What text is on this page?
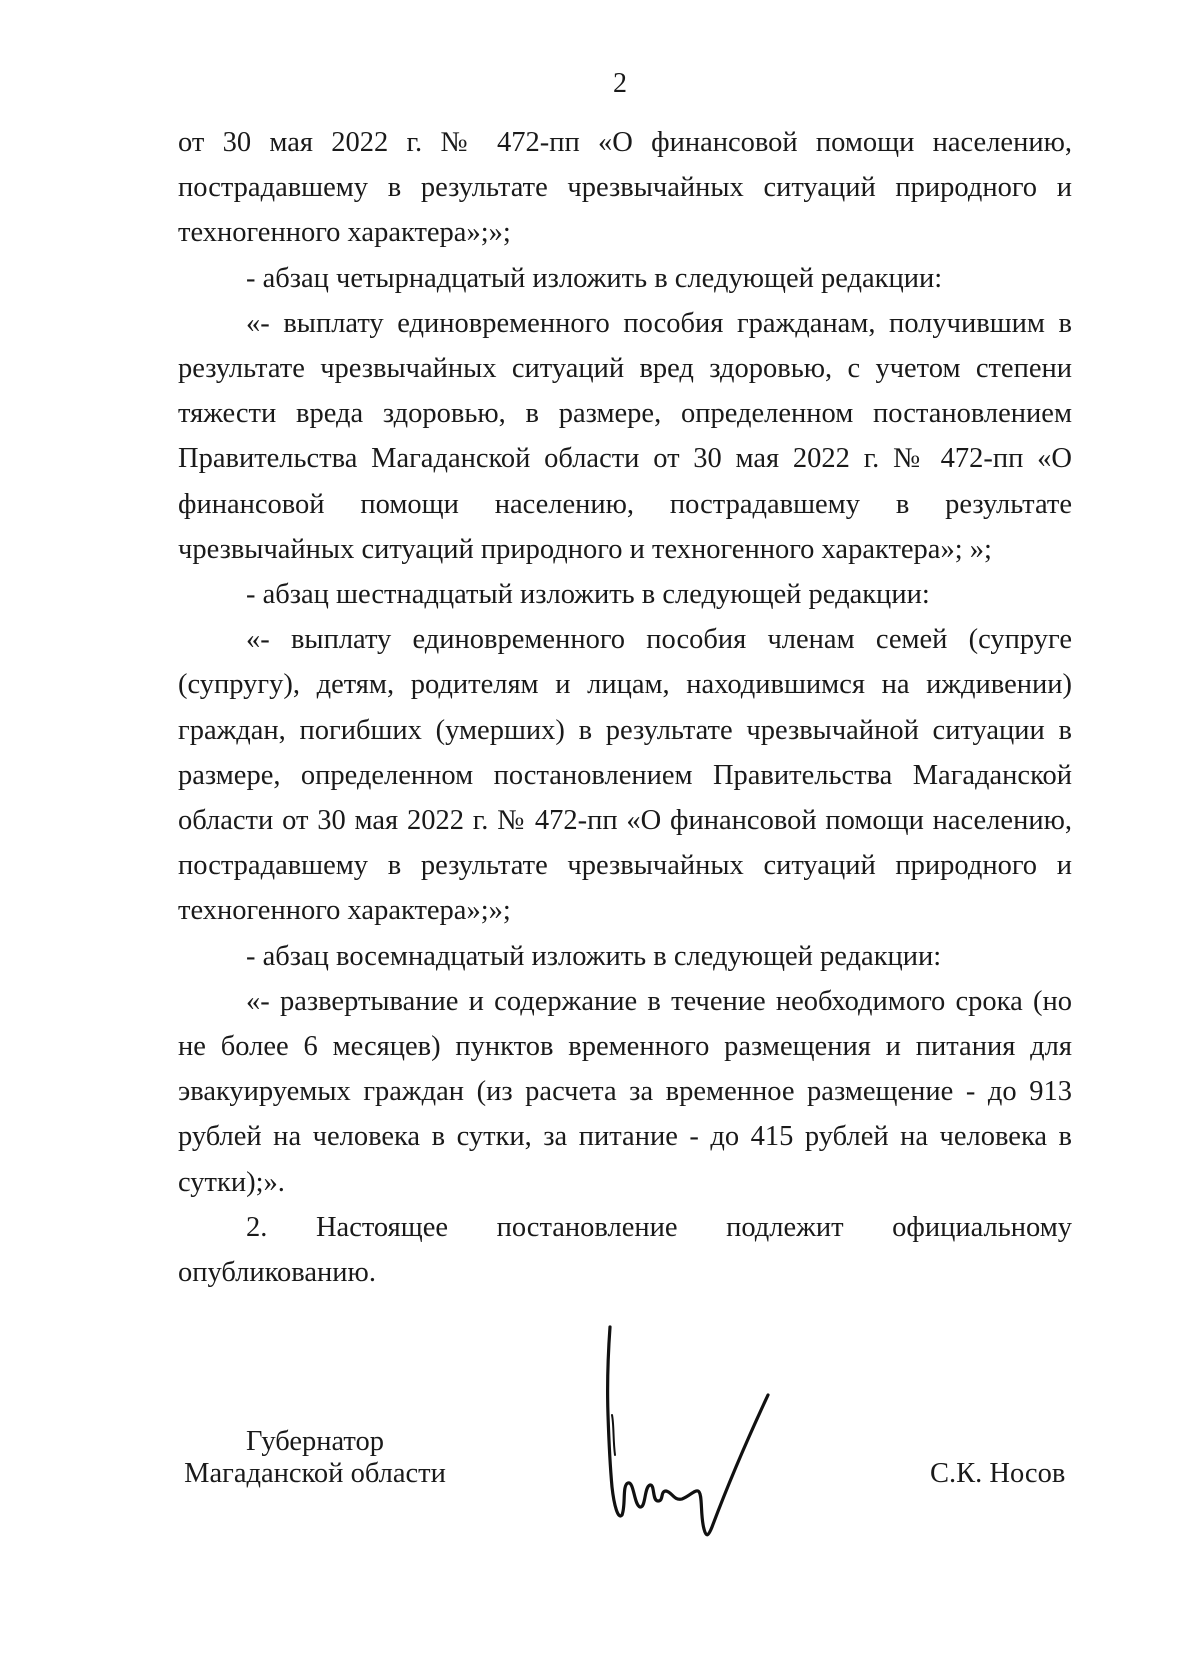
2

от 30 мая 2022 г. № 472-пп «О финансовой помощи населению, пострадавшему в результате чрезвычайных ситуаций природного и техногенного характера»;»;

- абзац четырнадцатый изложить в следующей редакции:

«- выплату единовременного пособия гражданам, получившим в результате чрезвычайных ситуаций вред здоровью, с учетом степени тяжести вреда здоровью, в размере, определенном постановлением Правительства Магаданской области от 30 мая 2022 г. № 472-пп «О финансовой помощи населению, пострадавшему в результате чрезвычайных ситуаций природного и техногенного характера»; »;

- абзац шестнадцатый изложить в следующей редакции:

«- выплату единовременного пособия членам семей (супруге (супругу), детям, родителям и лицам, находившимся на иждивении) граждан, погибших (умерших) в результате чрезвычайной ситуации в размере, определенном постановлением Правительства Магаданской области от 30 мая 2022 г. № 472-пп «О финансовой помощи населению, пострадавшему в результате чрезвычайных ситуаций природного и техногенного характера»;»;

- абзац восемнадцатый изложить в следующей редакции:

«- развертывание и содержание в течение необходимого срока (но не более 6 месяцев) пунктов временного размещения и питания для эвакуируемых граждан (из расчета за временное размещение - до 913 рублей на человека в сутки, за питание - до 415 рублей на человека в сутки);».

2. Настоящее постановление подлежит официальному опубликованию.

Губернатор
Магаданской области	С.К. Носов
